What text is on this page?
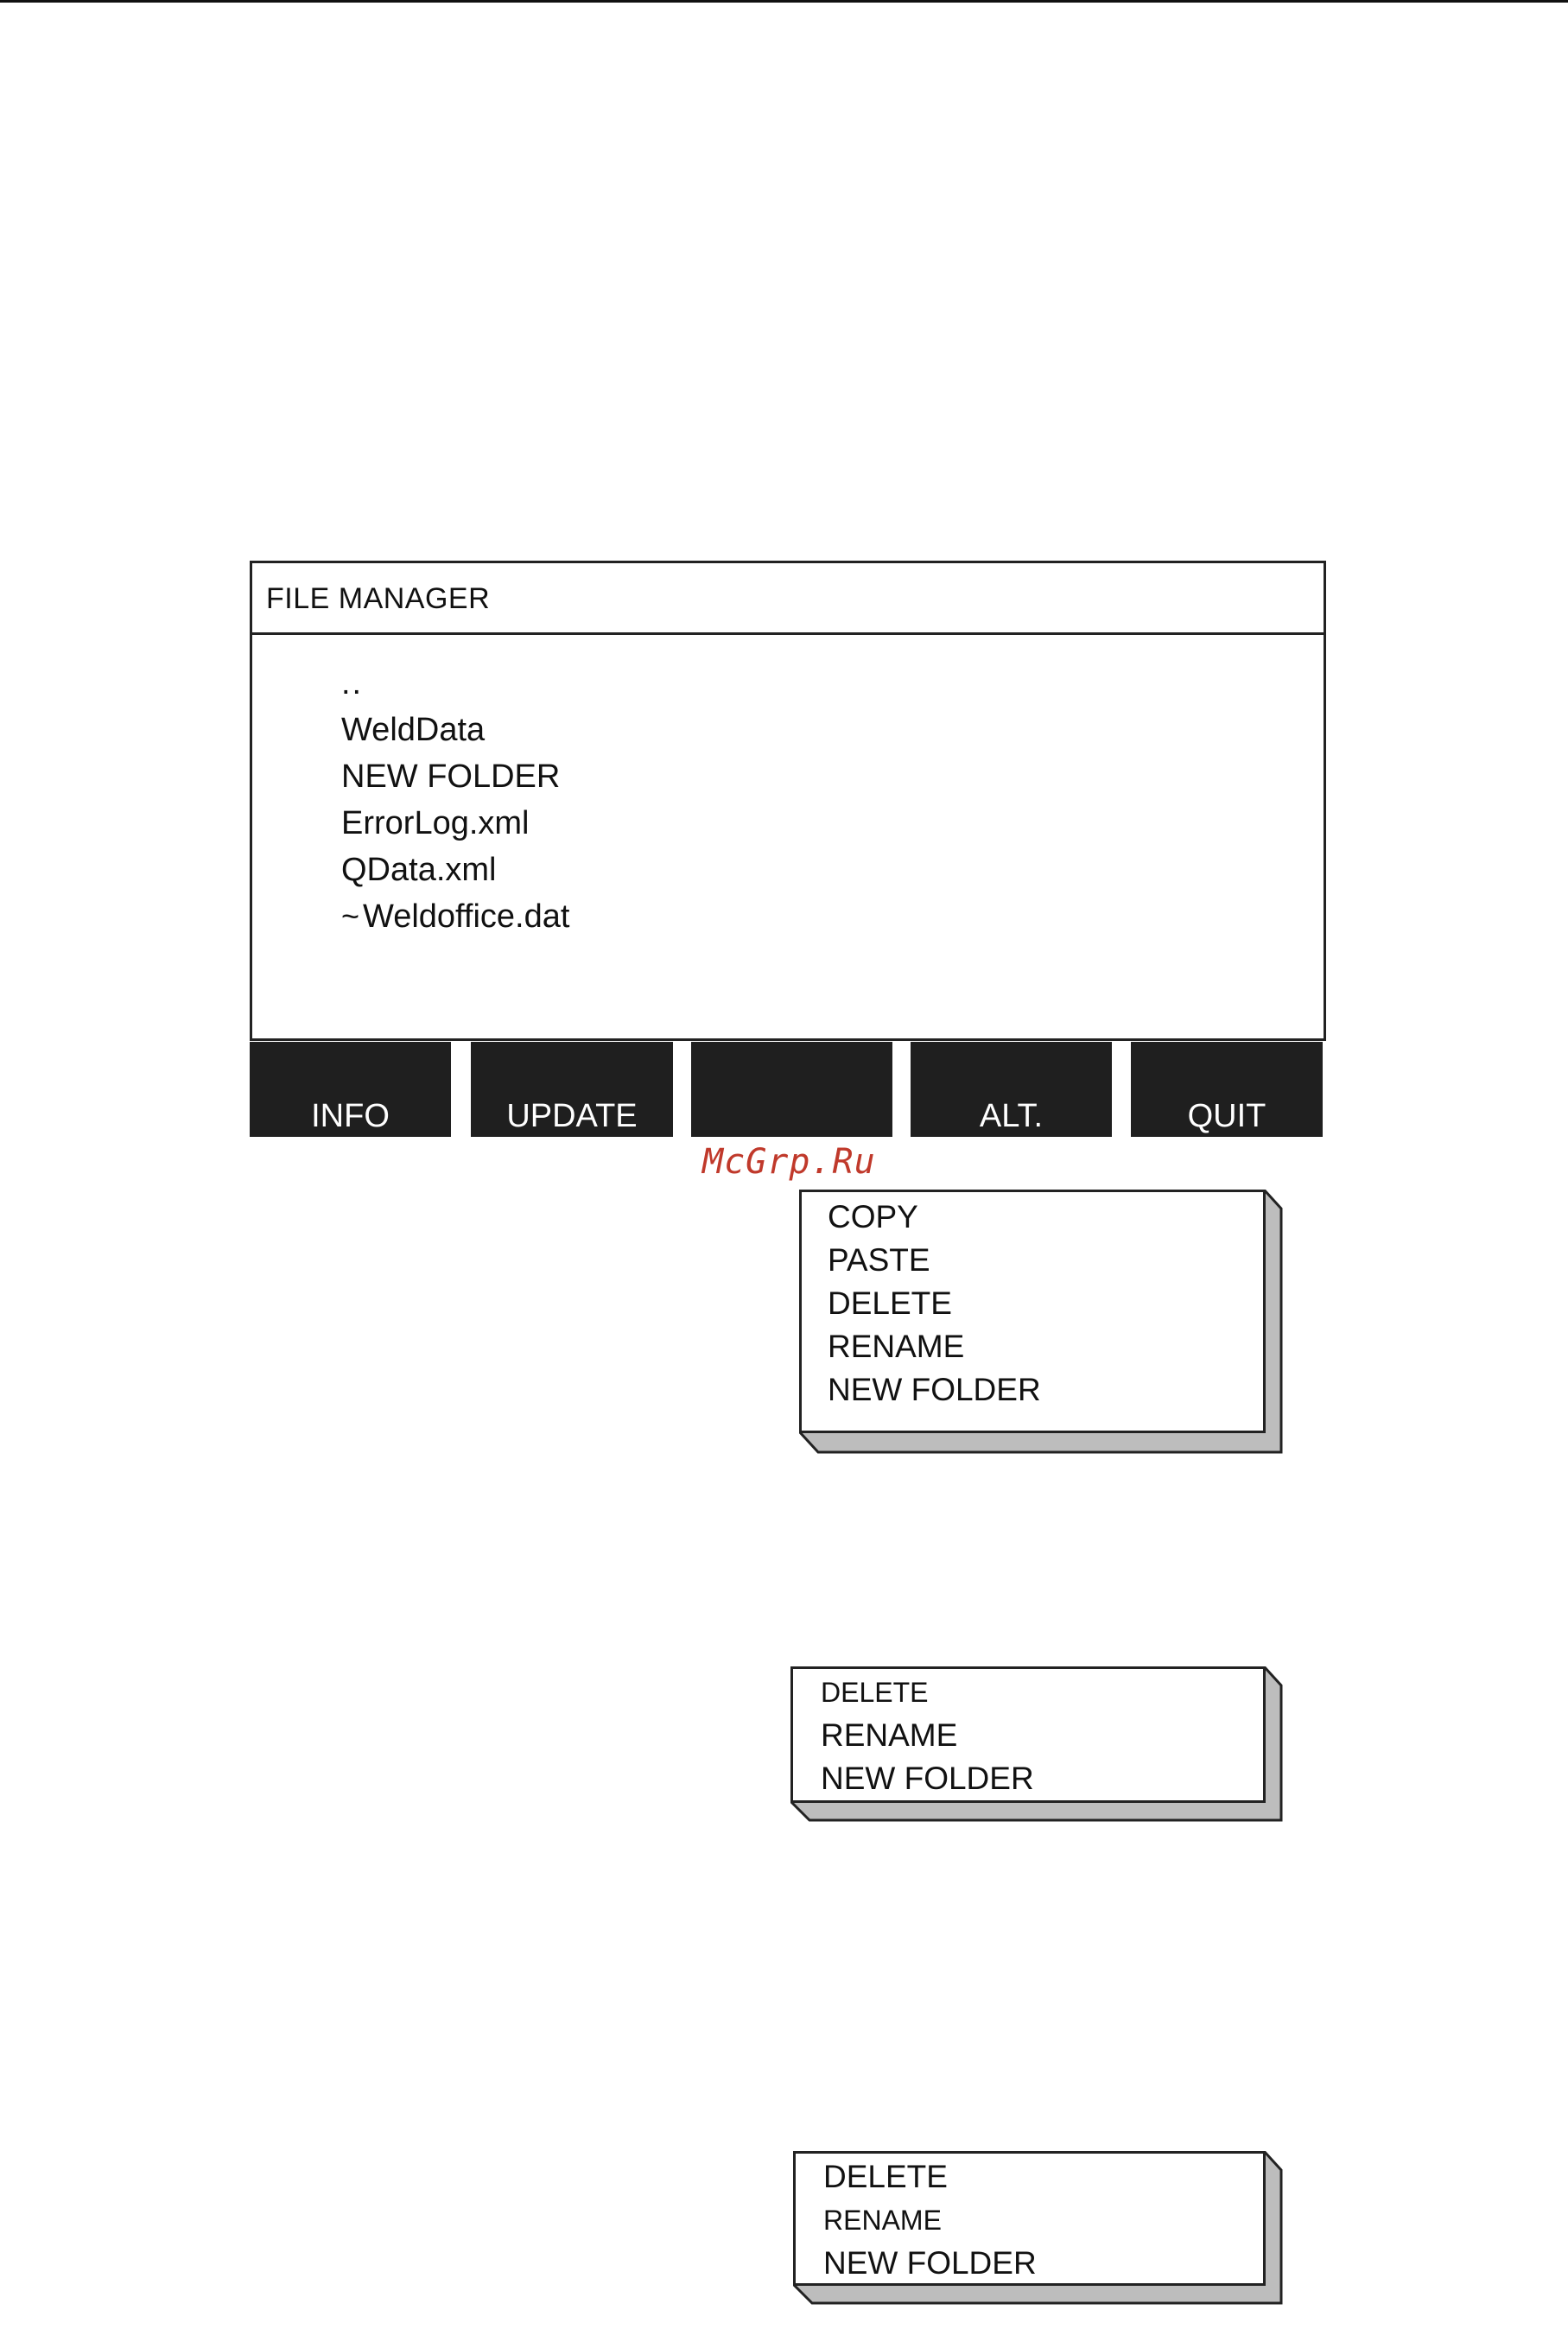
FILE MANAGER
..
WeldData
NEW FOLDER
ErrorLog.xml
QData.xml
~ Weldoffice.dat
INFO	UPDATE	ALT.	QUIT
McGrp.Ru
COPY
PASTE
DELETE
RENAME
NEW FOLDER
DELETE
RENAME
NEW FOLDER
DELETE
RENAME
NEW FOLDER
